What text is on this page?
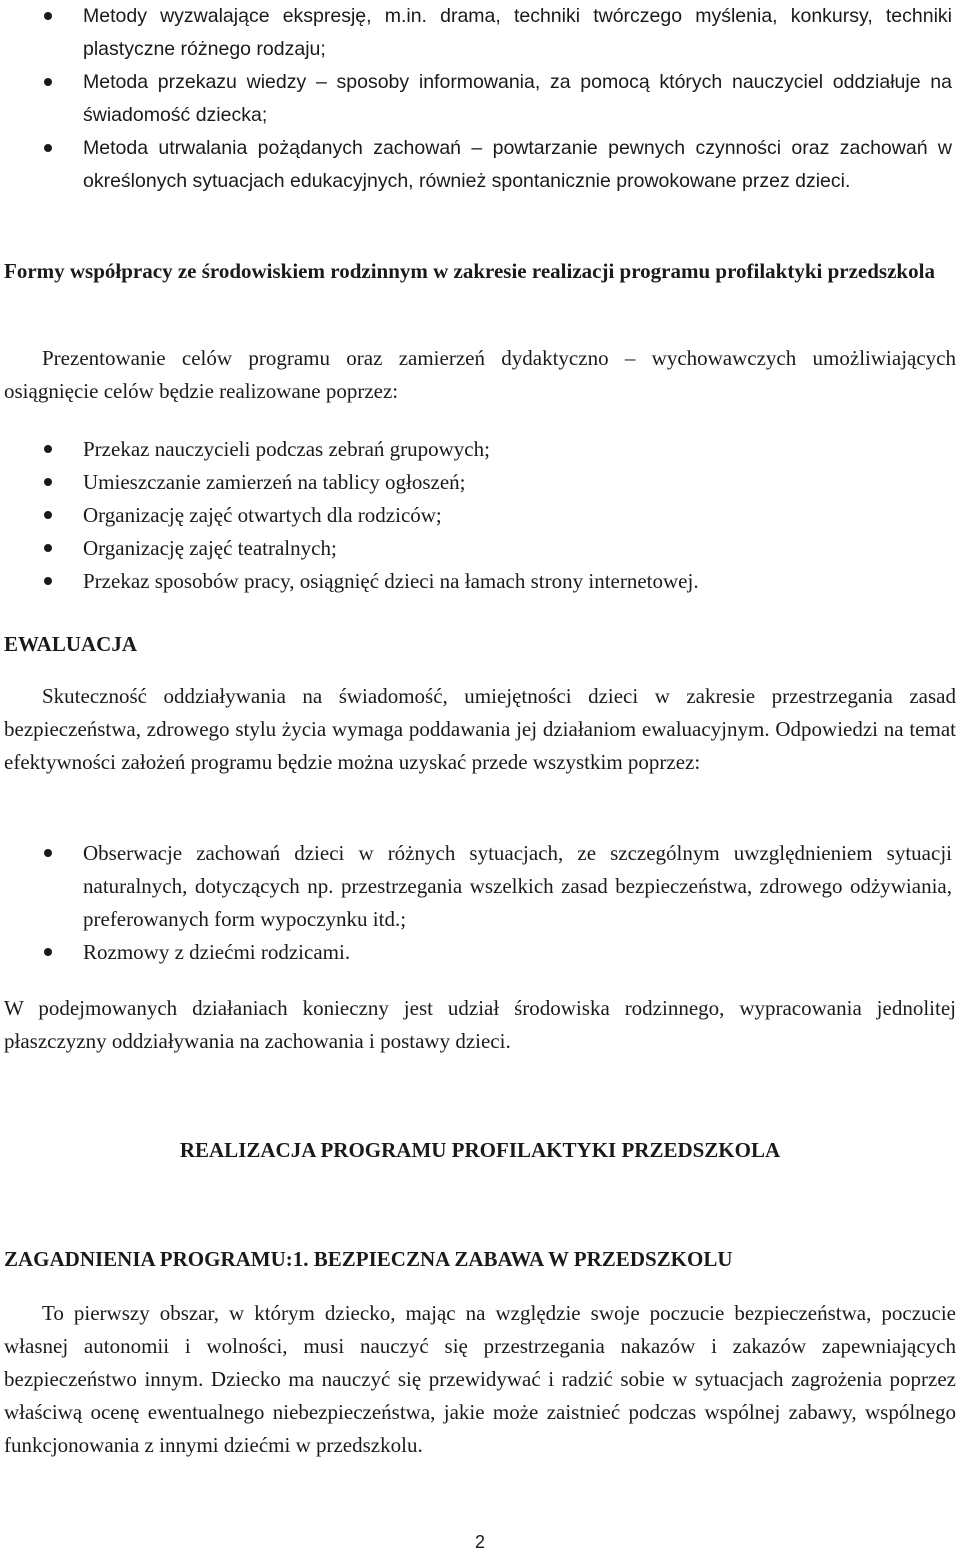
Metody wyzwalające ekspresję, m.in. drama, techniki twórczego myślenia, konkursy, techniki plastyczne różnego rodzaju;
Metoda przekazu wiedzy – sposoby informowania, za pomocą których nauczyciel oddziałuje na świadomość dziecka;
Metoda utrwalania pożądanych zachowań – powtarzanie pewnych czynności oraz zachowań w określonych sytuacjach edukacyjnych, również spontanicznie prowokowane przez dzieci.
Formy współpracy ze środowiskiem rodzinnym w zakresie realizacji programu profilaktyki przedszkola
Prezentowanie celów programu oraz zamierzeń dydaktyczno – wychowawczych umożliwiających osiągnięcie celów będzie realizowane poprzez:
Przekaz nauczycieli podczas zebrań grupowych;
Umieszczanie zamierzeń na tablicy ogłoszeń;
Organizację zajęć otwartych dla rodziców;
Organizację zajęć teatralnych;
Przekaz sposobów pracy, osiągnięć dzieci na łamach strony internetowej.
EWALUACJA
Skuteczność oddziaływania na świadomość, umiejętności dzieci w zakresie przestrzegania zasad bezpieczeństwa, zdrowego stylu życia wymaga poddawania jej działaniom ewaluacyjnym. Odpowiedzi na temat efektywności założeń programu będzie można uzyskać przede wszystkim poprzez:
Obserwacje zachowań dzieci w różnych sytuacjach, ze szczególnym uwzględnieniem sytuacji naturalnych, dotyczących np. przestrzegania wszelkich zasad bezpieczeństwa, zdrowego odżywiania, preferowanych form wypoczynku itd.;
Rozmowy z dziećmi rodzicami.
W podejmowanych działaniach konieczny jest udział środowiska rodzinnego, wypracowania jednolitej płaszczyzny oddziaływania na zachowania i postawy dzieci.
REALIZACJA PROGRAMU PROFILAKTYKI PRZEDSZKOLA
ZAGADNIENIA PROGRAMU:1. BEZPIECZNA ZABAWA W PRZEDSZKOLU
To pierwszy obszar, w którym dziecko, mając na względzie swoje poczucie bezpieczeństwa, poczucie własnej autonomii i wolności, musi nauczyć się przestrzegania nakazów i zakazów zapewniających bezpieczeństwo innym. Dziecko ma nauczyć się przewidywać i radzić sobie w sytuacjach zagrożenia poprzez właściwą ocenę ewentualnego niebezpieczeństwa, jakie może zaistnieć podczas wspólnej zabawy, wspólnego funkcjonowania z innymi dziećmi w przedszkolu.
2
